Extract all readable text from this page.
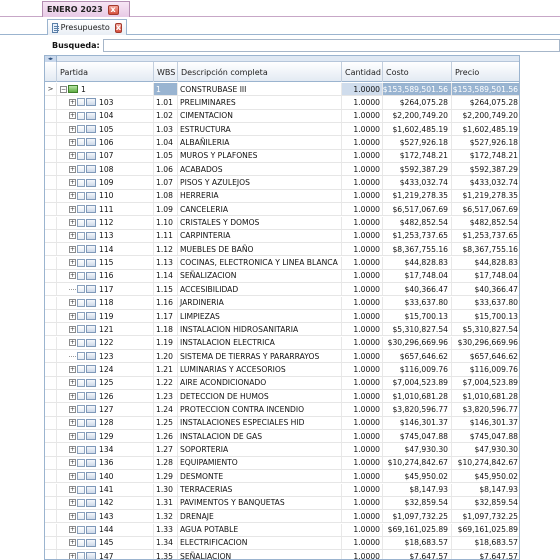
ENERO 2023 x
Presupuesto x
Busqueda:
◂▸
Partida	WBS Descripción completa	Cantidad Costo	Precio
>	− 1	1	CONSTRUBASE III	1.0000 $153,589,501.56 $153,589,501.56
+	103	1.01 PRELIMINARES	1.0000	$264,075.28	$264,075.28
+	104	1.02 CIMENTACION	1.0000	$2,200,749.20	$2,200,749.20
+	105	1.03 ESTRUCTURA	1.0000	$1,602,485.19	$1,602,485.19
+	106	1.04 ALBAÑILERIA	1.0000	$527,926.18	$527,926.18
+	107	1.05 MUROS Y PLAFONES	1.0000	$172,748.21	$172,748.21
+	108	1.06 ACABADOS	1.0000	$592,387.29	$592,387.29
+	109	1.07 PISOS Y AZULEJOS	1.0000	$433,032.74	$433,032.74
+	110	1.08 HERRERIA	1.0000	$1,219,278.35	$1,219,278.35
+	111	1.09 CANCELERIA	1.0000	$6,517,067.69	$6,517,067.69
+	112	1.10 CRISTALES Y DOMOS	1.0000	$482,852.54	$482,852.54
+	113	1.11 CARPINTERIA	1.0000	$1,253,737.65	$1,253,737.65
+	114	1.12 MUEBLES DE BAÑO	1.0000	$8,367,755.16	$8,367,755.16
+	115	1.13 COCINAS, ELECTRONICA Y LINEA BLANCA	1.0000	$44,828.83	$44,828.83
+	116	1.14 SEÑALIZACION	1.0000	$17,748.04	$17,748.04
117	1.15 ACCESIBILIDAD	1.0000	$40,366.47	$40,366.47
+	118	1.16 JARDINERIA	1.0000	$33,637.80	$33,637.80
+	119	1.17 LIMPIEZAS	1.0000	$15,700.13	$15,700.13
+	121	1.18 INSTALACION HIDROSANITARIA	1.0000	$5,310,827.54	$5,310,827.54
+	122	1.19 INSTALACION ELECTRICA	1.0000	$30,296,669.96	$30,296,669.96
123	1.20 SISTEMA DE TIERRAS Y PARARRAYOS	1.0000	$657,646.62	$657,646.62
+	124	1.21 LUMINARIAS Y ACCESORIOS	1.0000	$116,009.76	$116,009.76
+	125	1.22 AIRE ACONDICIONADO	1.0000	$7,004,523.89	$7,004,523.89
+	126	1.23 DETECCION DE HUMOS	1.0000	$1,010,681.28	$1,010,681.28
+	127	1.24 PROTECCION CONTRA INCENDIO	1.0000	$3,820,596.77	$3,820,596.77
+	128	1.25 INSTALACIONES ESPECIALES HID	1.0000	$146,301.37	$146,301.37
+	129	1.26 INSTALACION DE GAS	1.0000	$745,047.88	$745,047.88
+	134	1.27 SOPORTERIA	1.0000	$47,930.30	$47,930.30
+	136	1.28 EQUIPAMIENTO	1.0000	$10,274,842.67	$10,274,842.67
+	140	1.29 DESMONTE	1.0000	$45,950.02	$45,950.02
+	141	1.30 TERRACERIAS	1.0000	$8,147.93	$8,147.93
+	142	1.31 PAVIMENTOS Y BANQUETAS	1.0000	$32,859.54	$32,859.54
+	143	1.32 DRENAJE	1.0000	$1,097,732.25	$1,097,732.25
+	144	1.33 AGUA POTABLE	1.0000	$69,161,025.89	$69,161,025.89
+	145	1.34 ELECTRIFICACION	1.0000	$18,683.57	$18,683.57
+	147	1.35 SEÑALIACION	1.0000	$7,647.57	$7,647.57
